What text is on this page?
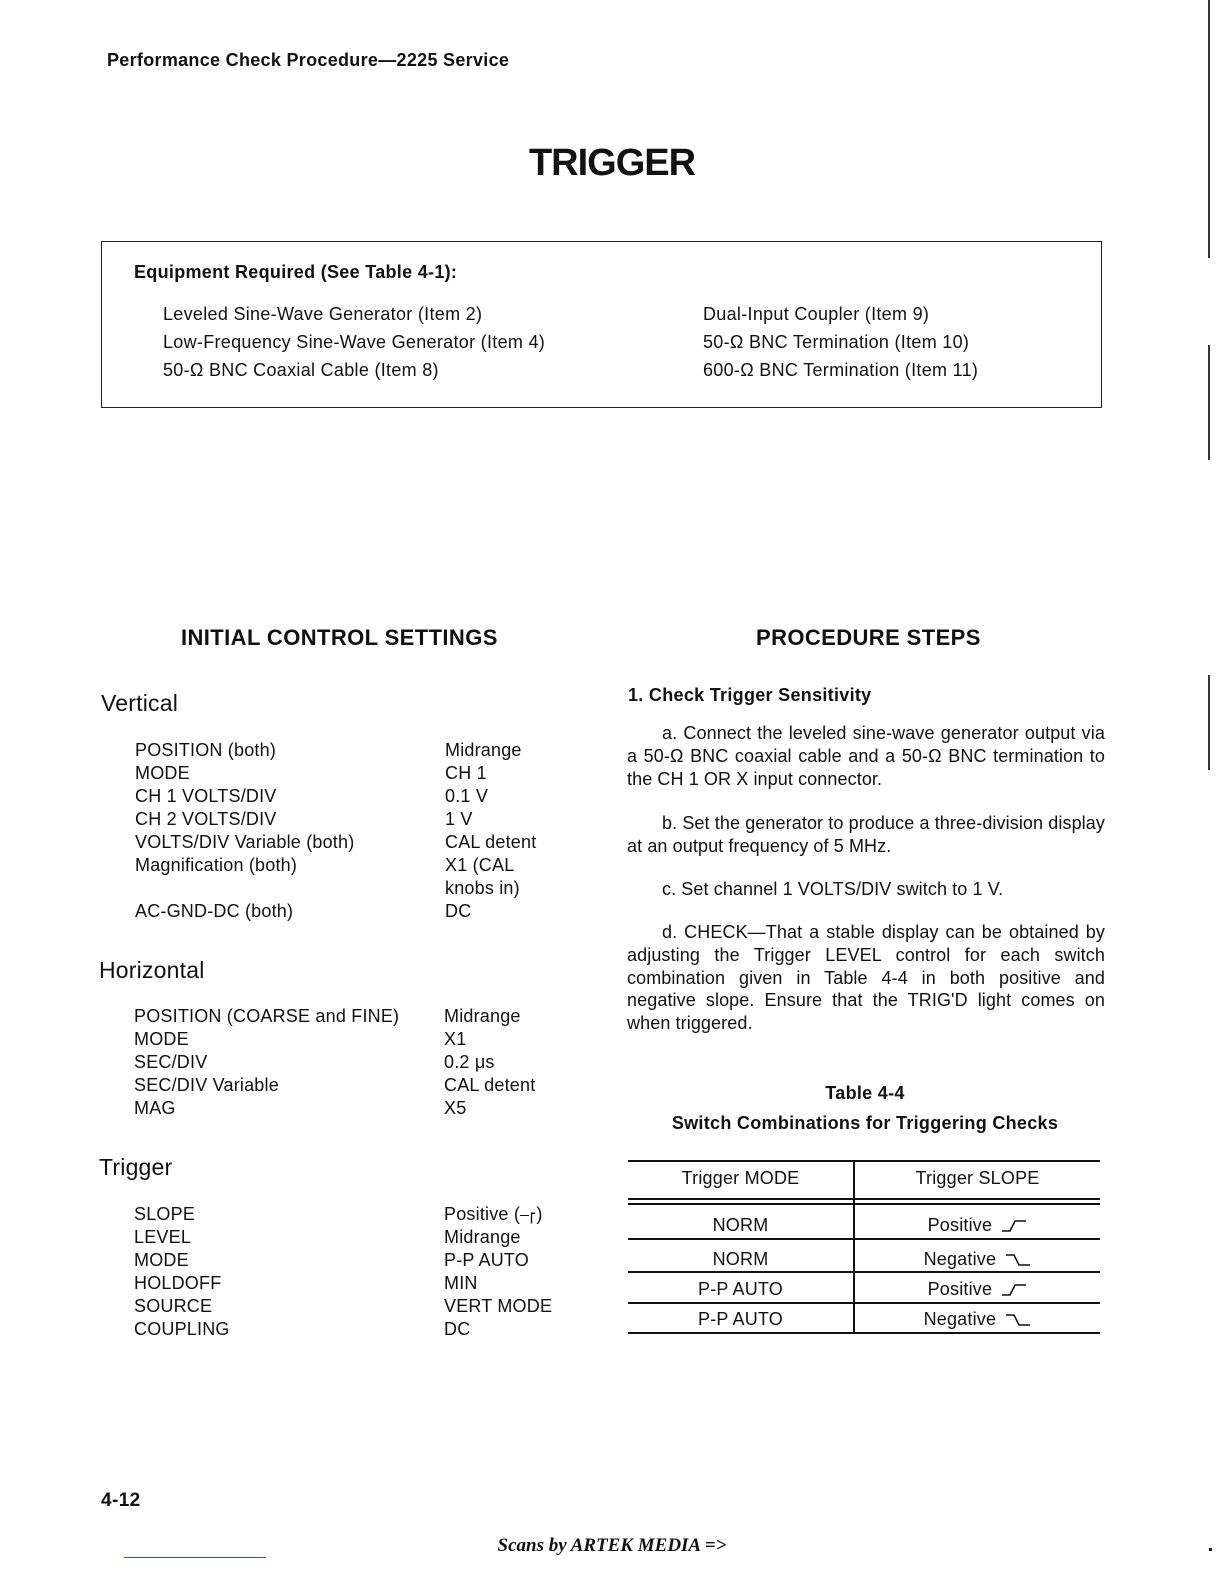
Performance Check Procedure—2225 Service
TRIGGER
Equipment Required (See Table 4-1):
Leveled Sine-Wave Generator (Item 2)
Low-Frequency Sine-Wave Generator (Item 4)
50-Ω BNC Coaxial Cable (Item 8)
Dual-Input Coupler (Item 9)
50-Ω BNC Termination (Item 10)
600-Ω BNC Termination (Item 11)
INITIAL CONTROL SETTINGS	PROCEDURE STEPS
Vertical
POSITION (both)	Midrange
MODE	CH 1
CH 1 VOLTS/DIV	0.1 V
CH 2 VOLTS/DIV	1 V
VOLTS/DIV Variable (both)	CAL detent
Magnification (both)	X1 (CAL
knobs in)
AC-GND-DC (both)	DC
Horizontal
POSITION (COARSE and FINE) Midrange
MODE	X1
SEC/DIV	0.2 μs
SEC/DIV Variable	CAL detent
MAG	X5
Trigger
SLOPE	Positive (⎯⎡)
LEVEL	Midrange
MODE	P-P AUTO
HOLDOFF	MIN
SOURCE	VERT MODE
COUPLING	DC
1. Check Trigger Sensitivity
a. Connect the leveled sine-wave generator output via a 50-Ω BNC coaxial cable and a 50-Ω BNC termination to the CH 1 OR X input connector.
b. Set the generator to produce a three-division display at an output frequency of 5 MHz.
c. Set channel 1 VOLTS/DIV switch to 1 V.
d. CHECK—That a stable display can be obtained by adjusting the Trigger LEVEL control for each switch combination given in Table 4-4 in both positive and negative slope. Ensure that the TRIG'D light comes on when triggered.
Table 4-4
Switch Combinations for Triggering Checks
Trigger MODE	Trigger SLOPE
NORM	Positive
NORM	Negative
P-P AUTO	Positive
P-P AUTO	Negative
4-12
Scans by ARTEK MEDIA =>
